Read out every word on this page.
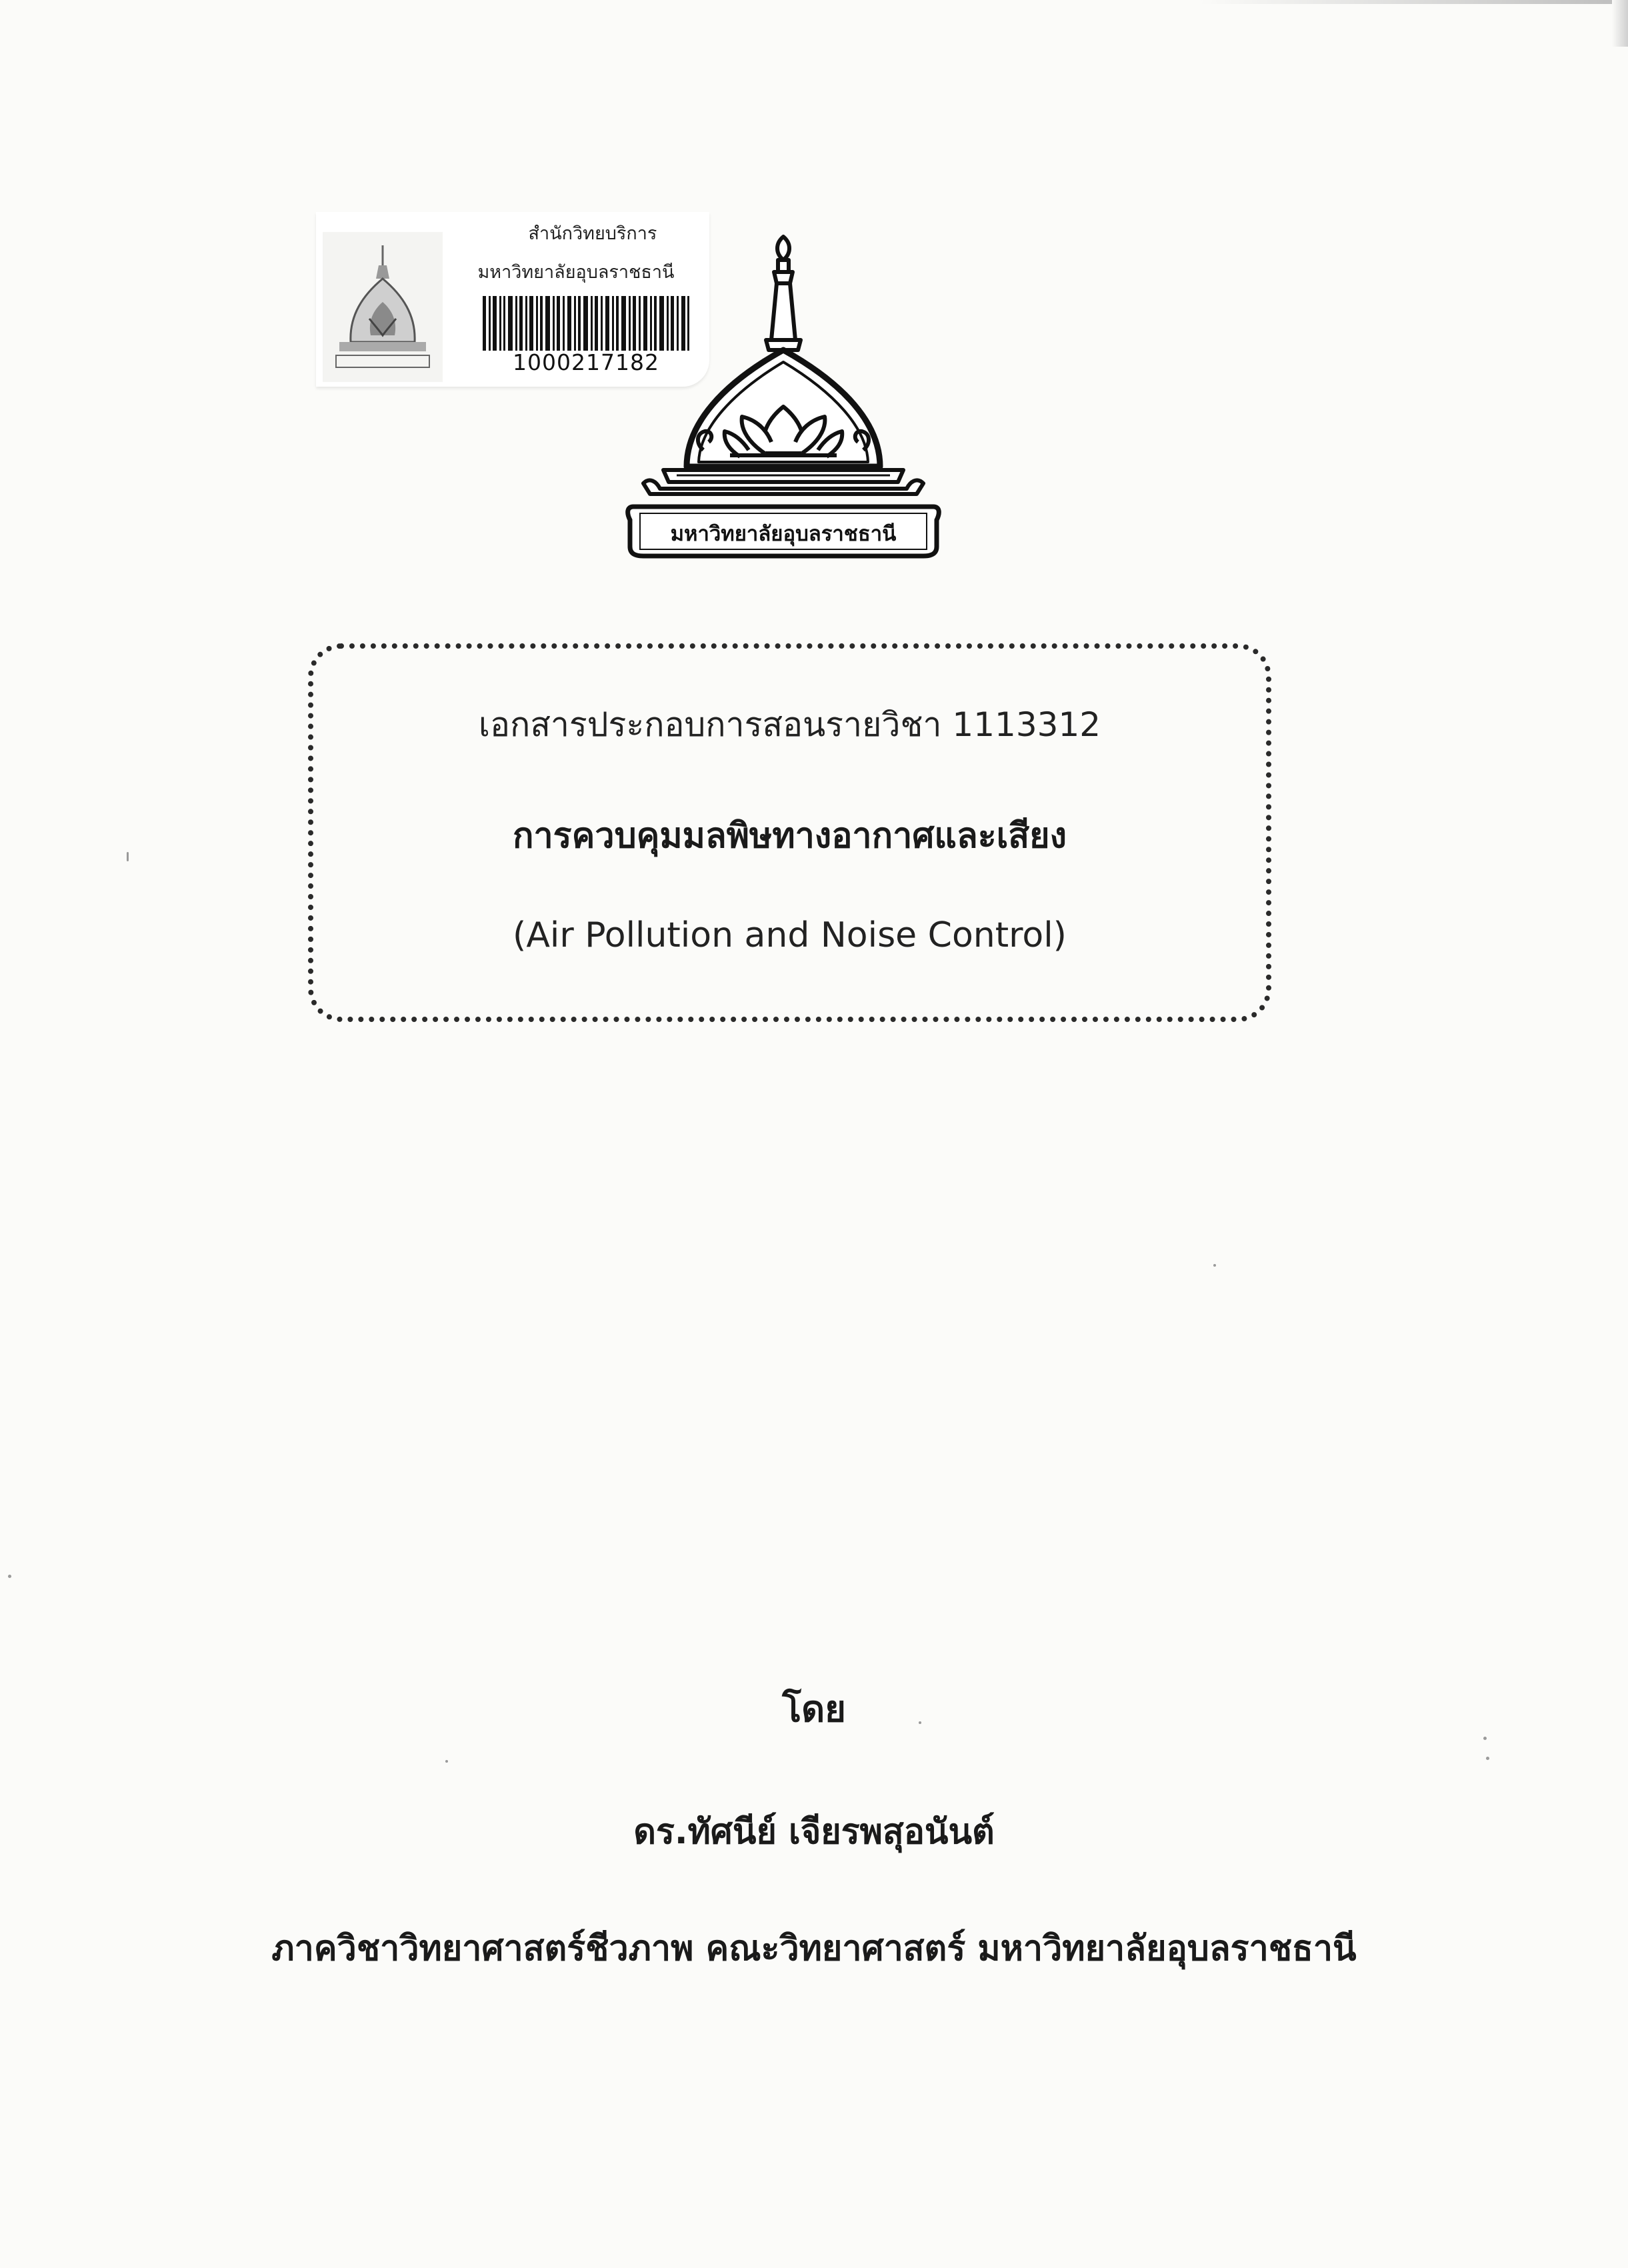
สำนักวิทยบริการ
มหาวิทยาลัยอุบลราชธานี
1000217182
มหาวิทยาลัยอุบลราชธานี
เอกสารประกอบการสอนรายวิชา 1113312
การควบคุมมลพิษทางอากาศและเสียง
(Air Pollution and Noise Control)
โดย
ดร.ทัศนีย์ เจียรพสุอนันต์
ภาควิชาวิทยาศาสตร์ชีวภาพ คณะวิทยาศาสตร์ มหาวิทยาลัยอุบลราชธานี
